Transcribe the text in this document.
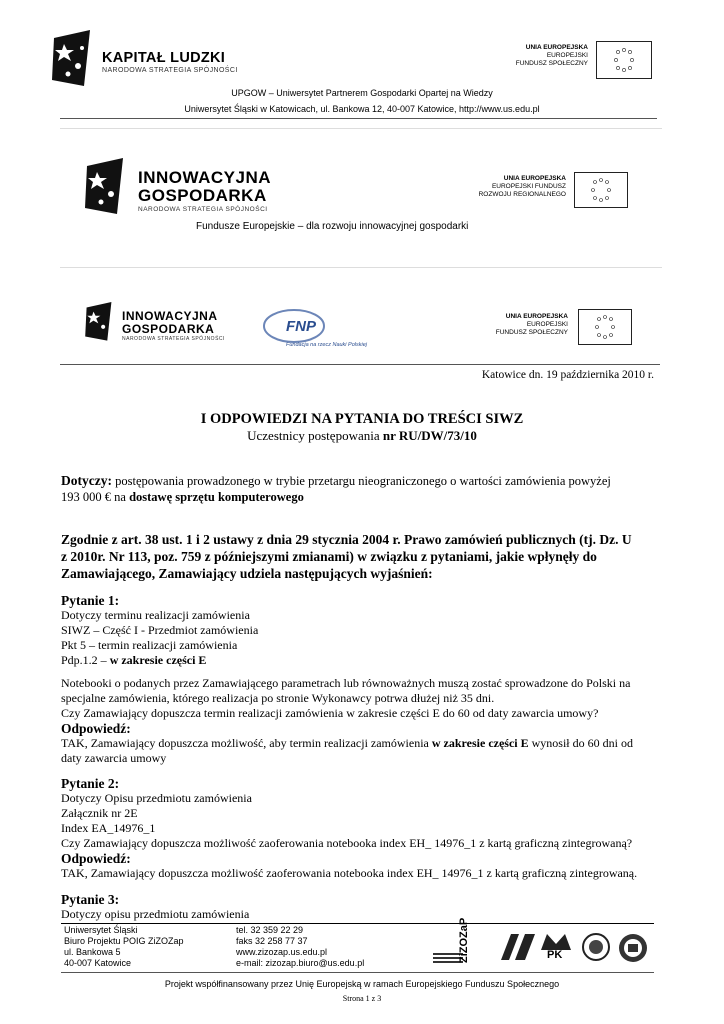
KAPITAŁ LUDZKI
NARODOWA STRATEGIA SPÓJNOŚCI
UNIA EUROPEJSKA
EUROPEJSKI
FUNDUSZ SPOŁECZNY
UPGOW – Uniwersytet Partnerem Gospodarki Opartej na Wiedzy
Uniwersytet Śląski w Katowicach, ul. Bankowa 12, 40-007 Katowice, http://www.us.edu.pl
INNOWACYJNA
GOSPODARKA
NARODOWA STRATEGIA SPÓJNOŚCI
UNIA EUROPEJSKA
EUROPEJSKI FUNDUSZ
ROZWOJU REGIONALNEGO
Fundusze Europejskie – dla rozwoju innowacyjnej gospodarki
INNOWACYJNA
GOSPODARKA
NARODOWA STRATEGIA SPÓJNOŚCI
FNP
Fundacja na rzecz Nauki Polskiej
UNIA EUROPEJSKA
EUROPEJSKI
FUNDUSZ SPOŁECZNY
Katowice dn. 19 października 2010 r.
I ODPOWIEDZI NA PYTANIA DO TREŚCI SIWZ
Uczestnicy postępowania nr RU/DW/73/10
Dotyczy: postępowania prowadzonego w trybie przetargu nieograniczonego o wartości zamówienia powyżej
193 000 € na dostawę sprzętu komputerowego
Zgodnie z art. 38 ust. 1 i 2 ustawy z dnia 29 stycznia 2004 r. Prawo zamówień publicznych (tj. Dz. U
z 2010r. Nr 113, poz. 759 z późniejszymi zmianami) w związku z pytaniami, jakie wpłynęły do
Zamawiającego, Zamawiający udziela następujących wyjaśnień:
Pytanie 1:
Dotyczy terminu realizacji zamówienia
SIWZ – Część I - Przedmiot zamówienia
Pkt 5 – termin realizacji zamówienia
Pdp.1.2 – w zakresie części E
Notebooki o podanych przez Zamawiającego parametrach lub równoważnych muszą zostać sprowadzone do Polski na
specjalne zamówienia, którego realizacja po stronie Wykonawcy potrwa dłużej niż 35 dni.
Czy Zamawiający dopuszcza termin realizacji zamówienia w zakresie części E do 60 od daty zawarcia umowy?
Odpowiedź:
TAK, Zamawiający dopuszcza możliwość, aby termin realizacji zamówienia w zakresie części E wynosił do 60 dni od
daty zawarcia umowy
Pytanie 2:
Dotyczy Opisu przedmiotu zamówienia
Załącznik nr 2E
Index EA_14976_1
Czy Zamawiający dopuszcza możliwość zaoferowania notebooka index EH_ 14976_1 z kartą graficzną zintegrowaną?
Odpowiedź:
TAK, Zamawiający dopuszcza możliwość zaoferowania notebooka index EH_ 14976_1 z kartą graficzną zintegrowaną.
Pytanie 3:
Dotyczy opisu przedmiotu zamówienia
Uniwersytet Śląski
Biuro Projektu POIG ZiZOZap
ul. Bankowa 5
40-007 Katowice
tel. 32 359 22 29
faks 32 258 77 37
www.zizozap.us.edu.pl
e-mail: zizozap.biuro@us.edu.pl	ZiZOZaP	PK
Projekt współfinansowany przez Unię Europejską w ramach Europejskiego Funduszu Społecznego
Strona 1 z 3
